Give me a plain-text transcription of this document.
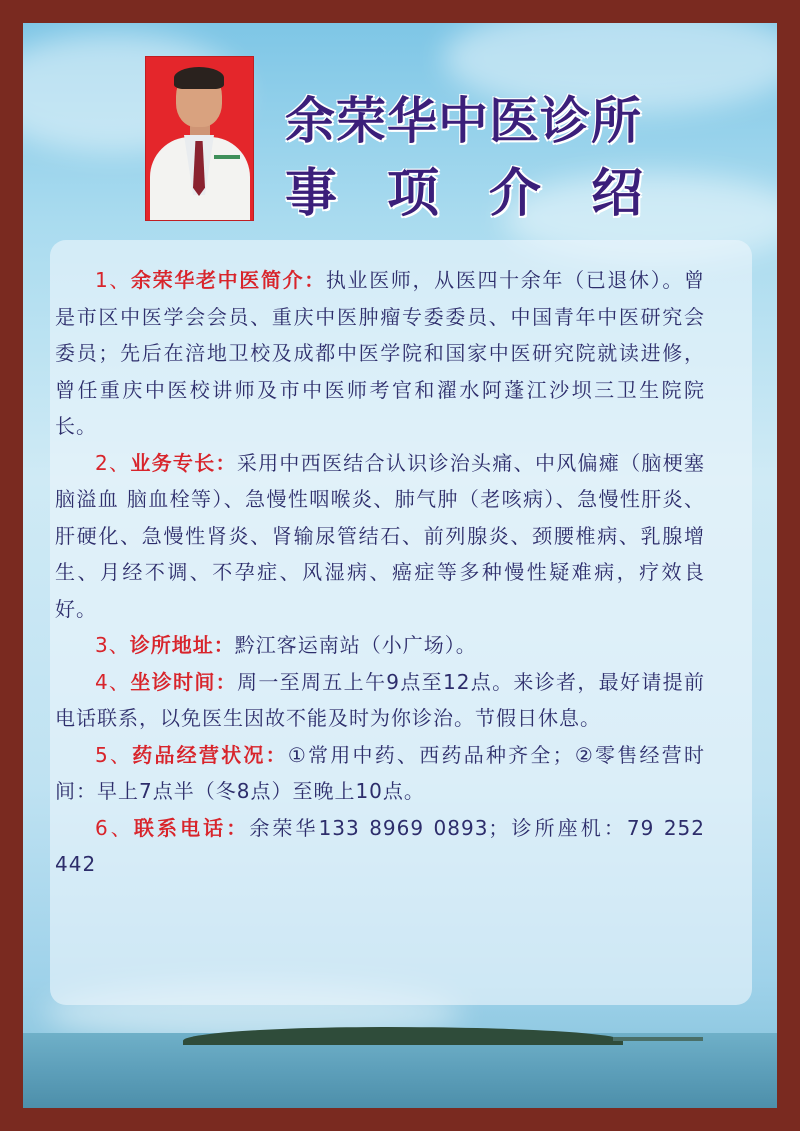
余荣华中医诊所
事项介绍

1、余荣华老中医简介：执业医师，从医四十余年（已退休）。曾是市区中医学会会员、重庆中医肿瘤专委委员、中国青年中医研究会委员；先后在涪地卫校及成都中医学院和国家中医研究院就读进修，曾任重庆中医校讲师及市中医师考官和濯水阿蓬江沙坝三卫生院院长。

2、业务专长：采用中西医结合认识诊治头痛、中风偏瘫（脑梗塞 脑溢血 脑血栓等）、急慢性咽喉炎、肺气肿（老咳病）、急慢性肝炎、肝硬化、急慢性肾炎、肾输尿管结石、前列腺炎、颈腰椎病、乳腺增生、月经不调、不孕症、风湿病、癌症等多种慢性疑难病，疗效良好。

3、诊所地址：黔江客运南站（小广场）。

4、坐诊时间：周一至周五上午9点至12点。来诊者，最好请提前电话联系，以免医生因故不能及时为你诊治。节假日休息。

5、药品经营状况：①常用中药、西药品种齐全；②零售经营时间：早上7点半（冬8点）至晚上10点。

6、联系电话：余荣华133 8969 0893；诊所座机：79 252 442
